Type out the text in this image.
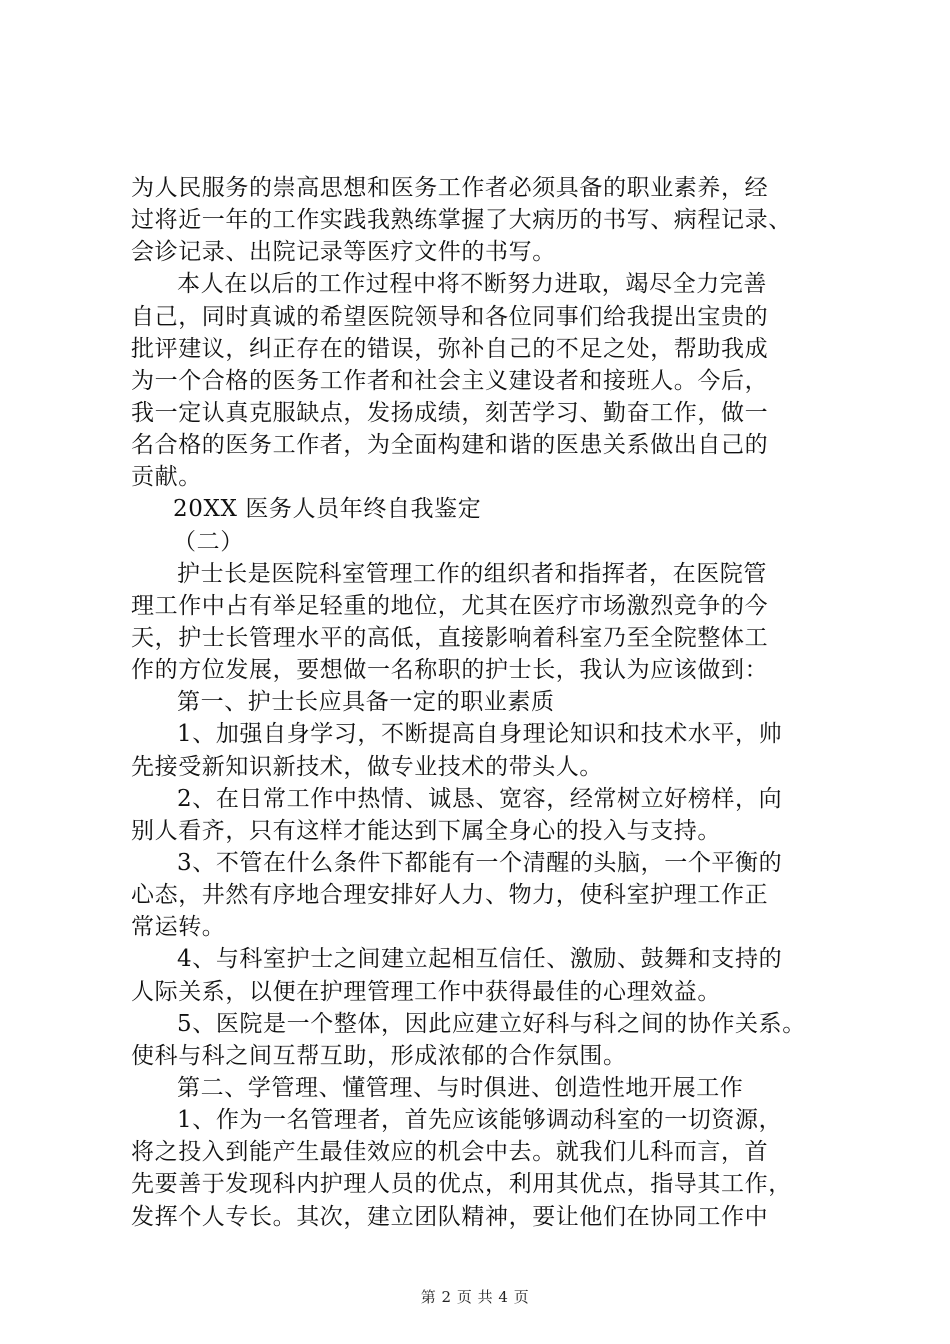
为人民服务的崇高思想和医务工作者必须具备的职业素养，经
过将近一年的工作实践我熟练掌握了大病历的书写、病程记录、
会诊记录、出院记录等医疗文件的书写。
本人在以后的工作过程中将不断努力进取，竭尽全力完善
自己，同时真诚的希望医院领导和各位同事们给我提出宝贵的
批评建议，纠正存在的错误，弥补自己的不足之处，帮助我成
为一个合格的医务工作者和社会主义建设者和接班人。今后，
我一定认真克服缺点，发扬成绩，刻苦学习、勤奋工作，做一
名合格的医务工作者，为全面构建和谐的医患关系做出自己的
贡献。
20XX 医务人员年终自我鉴定
（二）
护士长是医院科室管理工作的组织者和指挥者，在医院管
理工作中占有举足轻重的地位，尤其在医疗市场激烈竞争的今
天，护士长管理水平的高低，直接影响着科室乃至全院整体工
作的方位发展，要想做一名称职的护士长，我认为应该做到：
第一、护士长应具备一定的职业素质
1、加强自身学习，不断提高自身理论知识和技术水平，帅
先接受新知识新技术，做专业技术的带头人。
2、在日常工作中热情、诚恳、宽容，经常树立好榜样，向
别人看齐，只有这样才能达到下属全身心的投入与支持。
3、不管在什么条件下都能有一个清醒的头脑，一个平衡的
心态，井然有序地合理安排好人力、物力，使科室护理工作正
常运转。
4、与科室护士之间建立起相互信任、激励、鼓舞和支持的
人际关系，以便在护理管理工作中获得最佳的心理效益。
5、医院是一个整体，因此应建立好科与科之间的协作关系。
使科与科之间互帮互助，形成浓郁的合作氛围。
第二、学管理、懂管理、与时俱进、创造性地开展工作
1、作为一名管理者，首先应该能够调动科室的一切资源，
将之投入到能产生最佳效应的机会中去。就我们儿科而言，首
先要善于发现科内护理人员的优点，利用其优点，指导其工作，
发挥个人专长。其次，建立团队精神，要让他们在协同工作中
第 2 页 共 4 页
